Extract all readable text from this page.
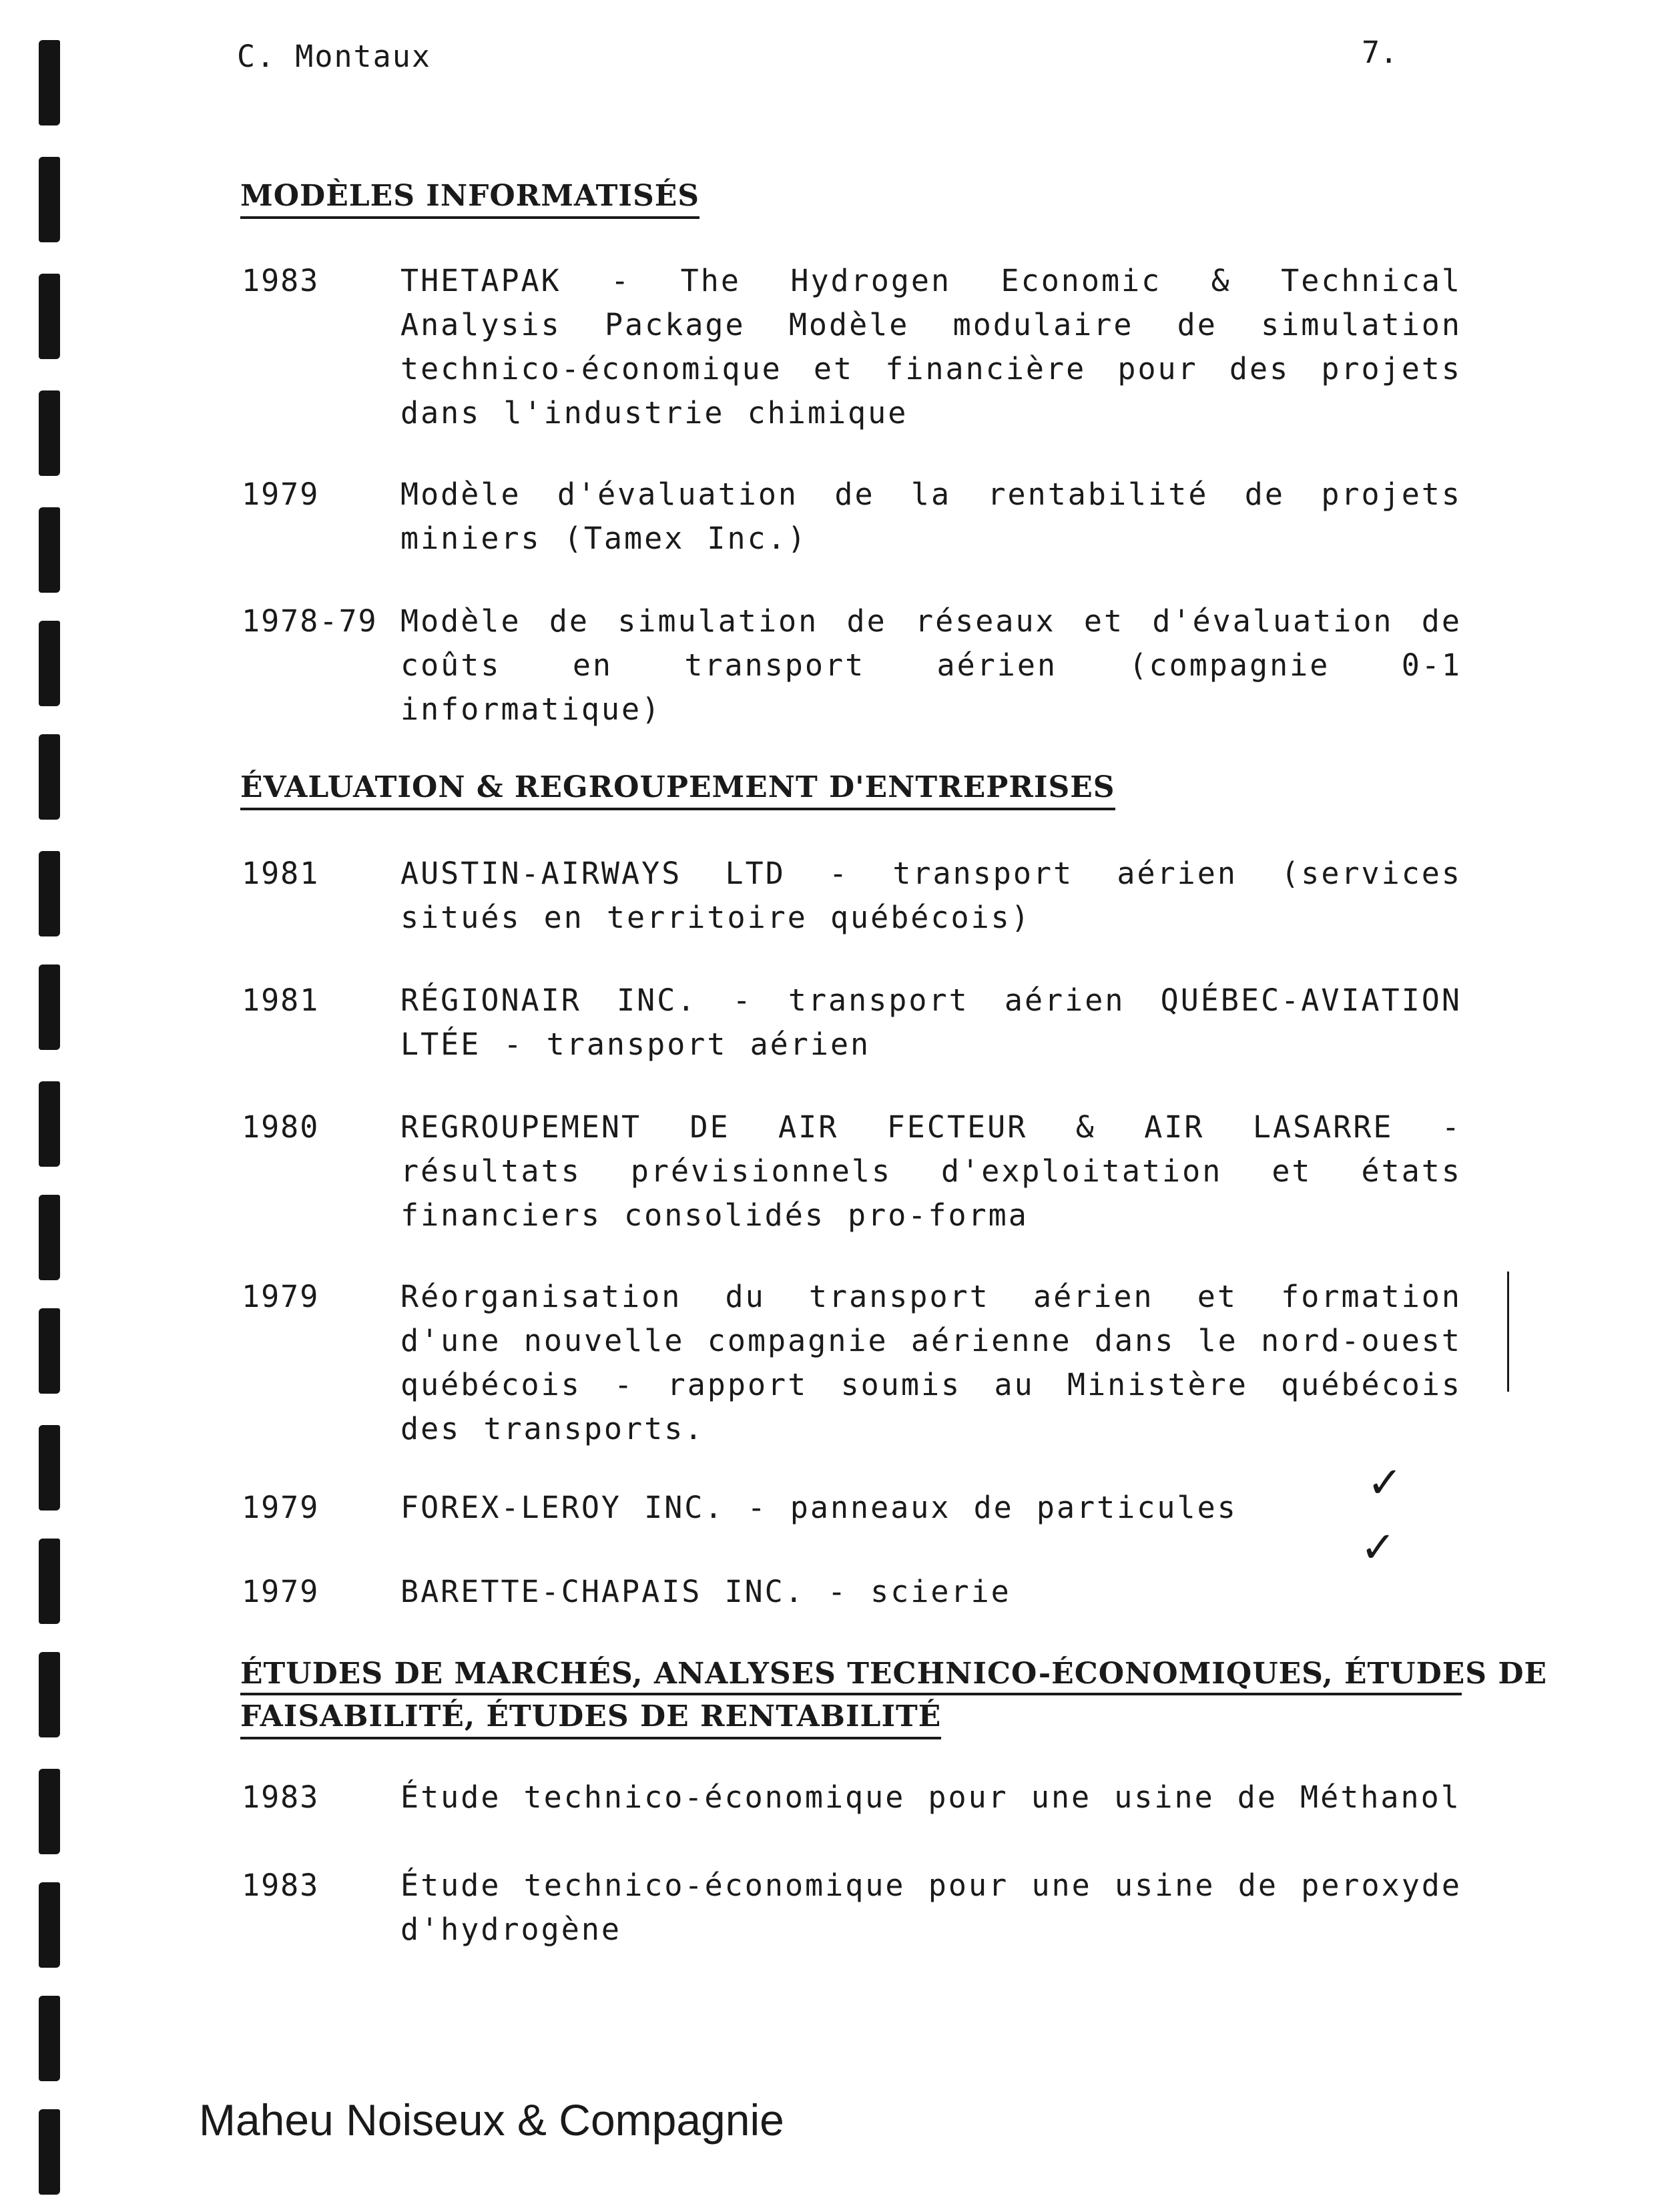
C. Montaux	7.
MODÈLES INFORMATISÉS
1983	THETAPAK - The Hydrogen Economic & Technical Analysis Package Modèle modulaire de simulation technico-économique et financière pour des projets dans l'industrie chimique
1979	Modèle d'évaluation de la rentabilité de projets miniers (Tamex Inc.)
1978-79 Modèle de simulation de réseaux et d'évaluation de coûts en transport aérien (compagnie 0-1 informatique)
ÉVALUATION & REGROUPEMENT D'ENTREPRISES
1981	AUSTIN-AIRWAYS LTD - transport aérien (services situés en territoire québécois)
1981	RÉGIONAIR INC. - transport aérien QUÉBEC-AVIATION LTÉE - transport aérien
1980	REGROUPEMENT DE AIR FECTEUR & AIR LASARRE - résultats prévisionnels d'exploitation et états financiers consolidés pro-forma
1979	Réorganisation du transport aérien et formation d'une nouvelle compagnie aérienne dans le nord-ouest québécois - rapport soumis au Ministère québécois des transports.
1979	FOREX-LEROY INC. - panneaux de particules
1979	BARETTE-CHAPAIS INC. - scierie
ÉTUDES DE MARCHÉS, ANALYSES TECHNICO-ÉCONOMIQUES, ÉTUDES DE
FAISABILITÉ, ÉTUDES DE RENTABILITÉ
1983	Étude technico-économique pour une usine de Méthanol
1983	Étude technico-économique pour une usine de peroxyde d'hydrogène
✓
✓
Maheu Noiseux & Compagnie
